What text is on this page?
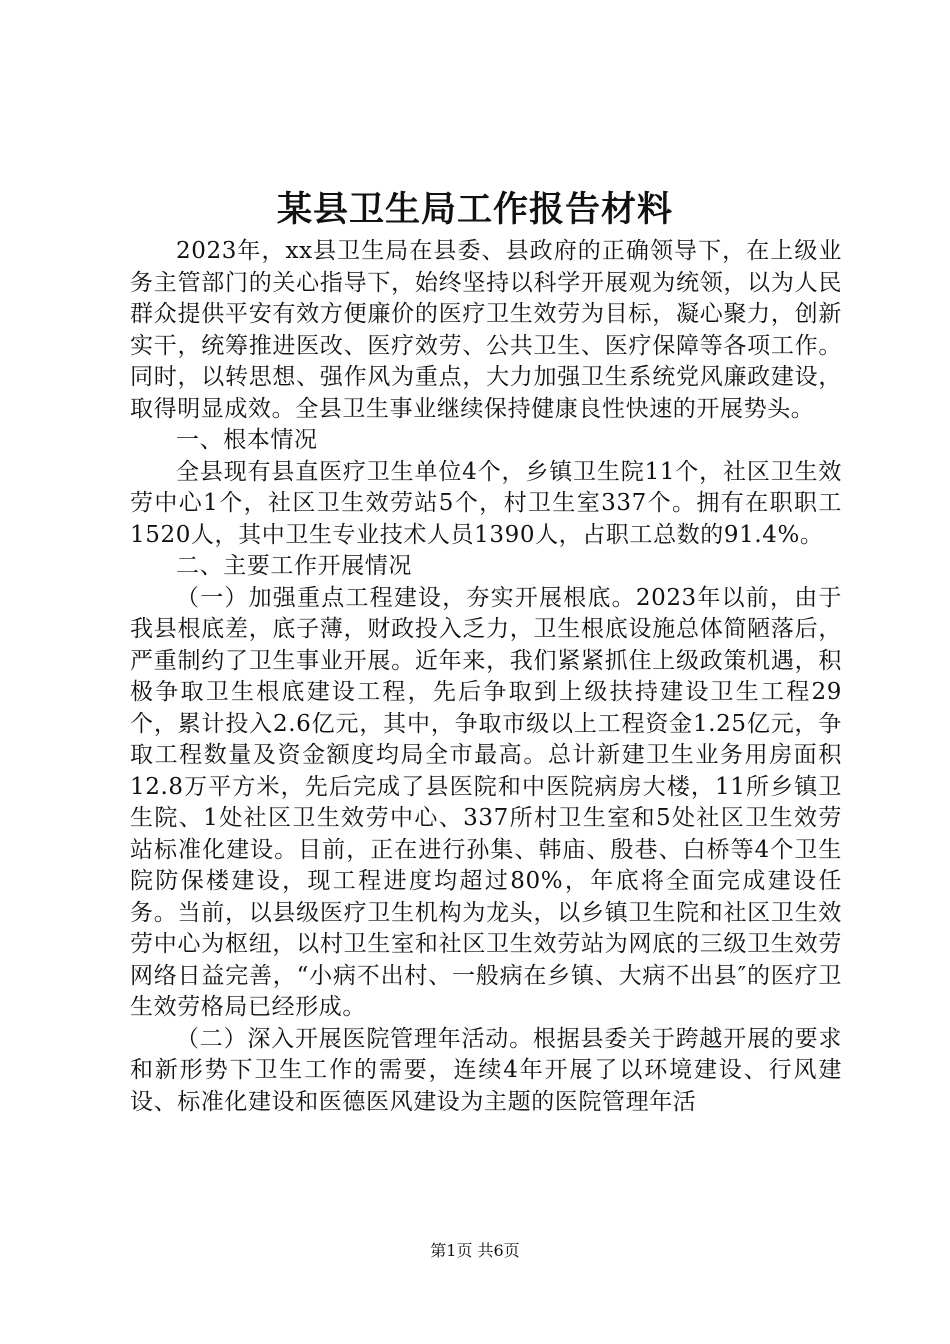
某县卫生局工作报告材料

2023年，xx县卫生局在县委、县政府的正确领导下，在上级业务主管部门的关心指导下，始终坚持以科学开展观为统领，以为人民群众提供平安有效方便廉价的医疗卫生效劳为目标，凝心聚力，创新实干，统筹推进医改、医疗效劳、公共卫生、医疗保障等各项工作。同时，以转思想、强作风为重点，大力加强卫生系统党风廉政建设，取得明显成效。全县卫生事业继续保持健康良性快速的开展势头。

一、根本情况

全县现有县直医疗卫生单位4个，乡镇卫生院11个，社区卫生效劳中心1个，社区卫生效劳站5个，村卫生室337个。拥有在职职工1520人，其中卫生专业技术人员1390人，占职工总数的91.4%。

二、主要工作开展情况

（一）加强重点工程建设，夯实开展根底。2023年以前，由于我县根底差，底子薄，财政投入乏力，卫生根底设施总体简陋落后，严重制约了卫生事业开展。近年来，我们紧紧抓住上级政策机遇，积极争取卫生根底建设工程，先后争取到上级扶持建设卫生工程29个，累计投入2.6亿元，其中，争取市级以上工程资金1.25亿元，争取工程数量及资金额度均局全市最高。总计新建卫生业务用房面积12.8万平方米，先后完成了县医院和中医院病房大楼，11所乡镇卫生院、1处社区卫生效劳中心、337所村卫生室和5处社区卫生效劳站标准化建设。目前，正在进行孙集、韩庙、殷巷、白桥等4个卫生院防保楼建设，现工程进度均超过80%，年底将全面完成建设任务。当前，以县级医疗卫生机构为龙头，以乡镇卫生院和社区卫生效劳中心为枢纽，以村卫生室和社区卫生效劳站为网底的三级卫生效劳网络日益完善，“小病不出村、一般病在乡镇、大病不出县″的医疗卫生效劳格局已经形成。

（二）深入开展医院管理年活动。根据县委关于跨越开展的要求和新形势下卫生工作的需要，连续4年开展了以环境建设、行风建设、标准化建设和医德医风建设为主题的医院管理年活

第1页 共6页
